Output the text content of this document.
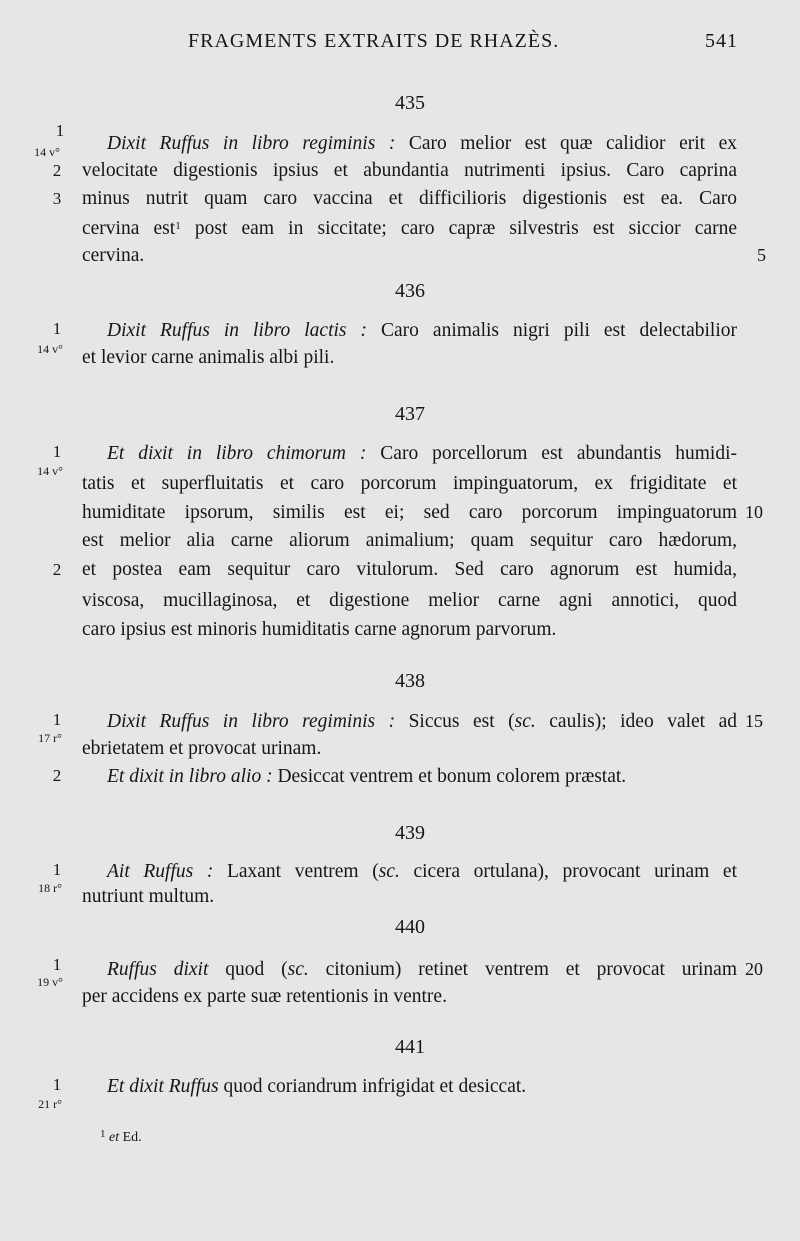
FRAGMENTS EXTRAITS DE RHAZÈS.	541
435
Dixit Ruffus in libro regiminis : Caro melior est quæ calidior erit ex
velocitate digestionis ipsius et abundantia nutrimenti ipsius. Caro caprina
minus nutrit quam caro vaccina et difficilioris digestionis est ea. Caro
cervina est$^1$ post eam in siccitate; caro capræ silvestris est siccior carne
cervina.
436
Dixit Ruffus in libro lactis : Caro animalis nigri pili est delectabilior
et levior carne animalis albi pili.
437
Et dixit in libro chimorum : Caro porcellorum est abundantis humidi-
tatis et superfluitatis et caro porcorum impinguatorum, ex frigiditate et
humiditate ipsorum, similis est ei; sed caro porcorum impinguatorum
est melior alia carne aliorum animalium; quam sequitur caro hædorum,
et postea eam sequitur caro vitulorum. Sed caro agnorum est humida,
viscosa, mucillaginosa, et digestione melior carne agni annotici, quod
caro ipsius est minoris humiditatis carne agnorum parvorum.
438
Dixit Ruffus in libro regiminis : Siccus est (sc. caulis); ideo valet ad
ebrietatem et provocat urinam.
Et dixit in libro alio : Desiccat ventrem et bonum colorem præstat.
439
Ait Ruffus : Laxant ventrem (sc. cicera ortulana), provocant urinam et
nutriunt multum.
440
Ruffus dixit quod (sc. citonium) retinet ventrem et provocat urinam
per accidens ex parte suæ retentionis in ventre.
441
Et dixit Ruffus quod coriandrum infrigidat et desiccat.
1
14 v°
2
3
1
14 v°
1
14 v°
2
1
17 r°
2
1
18 r°
1
19 v°
1
21 r°
5
10
15
20
$^1$ et Ed.
